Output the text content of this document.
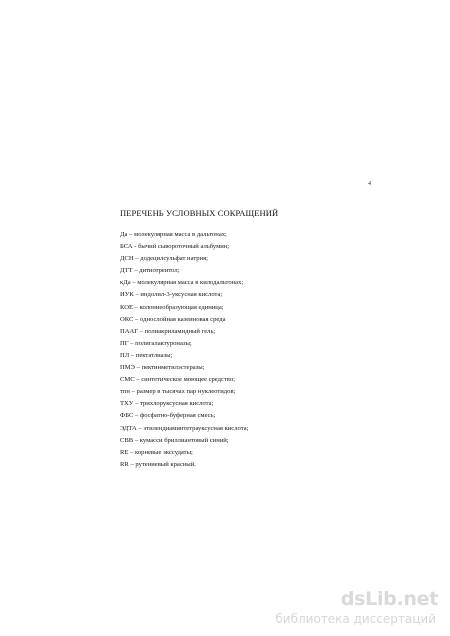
4
ПЕРЕЧЕНЬ УСЛОВНЫХ СОКРАЩЕНИЙ
Да – молекулярная масса в дальтонах;
БСА - бычий сывороточный альбумин;
ДСН – додецилсульфат натрия;
ДТТ – дитиотреитол;
кДа – молекулярная масса в килодальтонах;
ИУК – индолил-3-уксусная кислота;
КОЕ – колониеобразующая единица;
ОКС – однослойная казеиновая среда
ПААГ – полиакриламидный гель;
ПГ – полигалактуроназы;
ПЛ – пектатлиазы;
ПМЭ – пектинметилэстеразы;
СМС – синтетическое моющее средство;
тпн – размер в тысячах пар нуклеотидов;
ТХУ – трихлоруксусная кислота;
ФБС – фосфатно-буферная смесь;
ЭДТА – этилендиаминтетрауксусная кислота;
СВВ – кумасси бриллиантовый синий;
RE – корневые экссудаты;
RR – рутениевый красный.
dsLib.net
библиотека диссертаций
